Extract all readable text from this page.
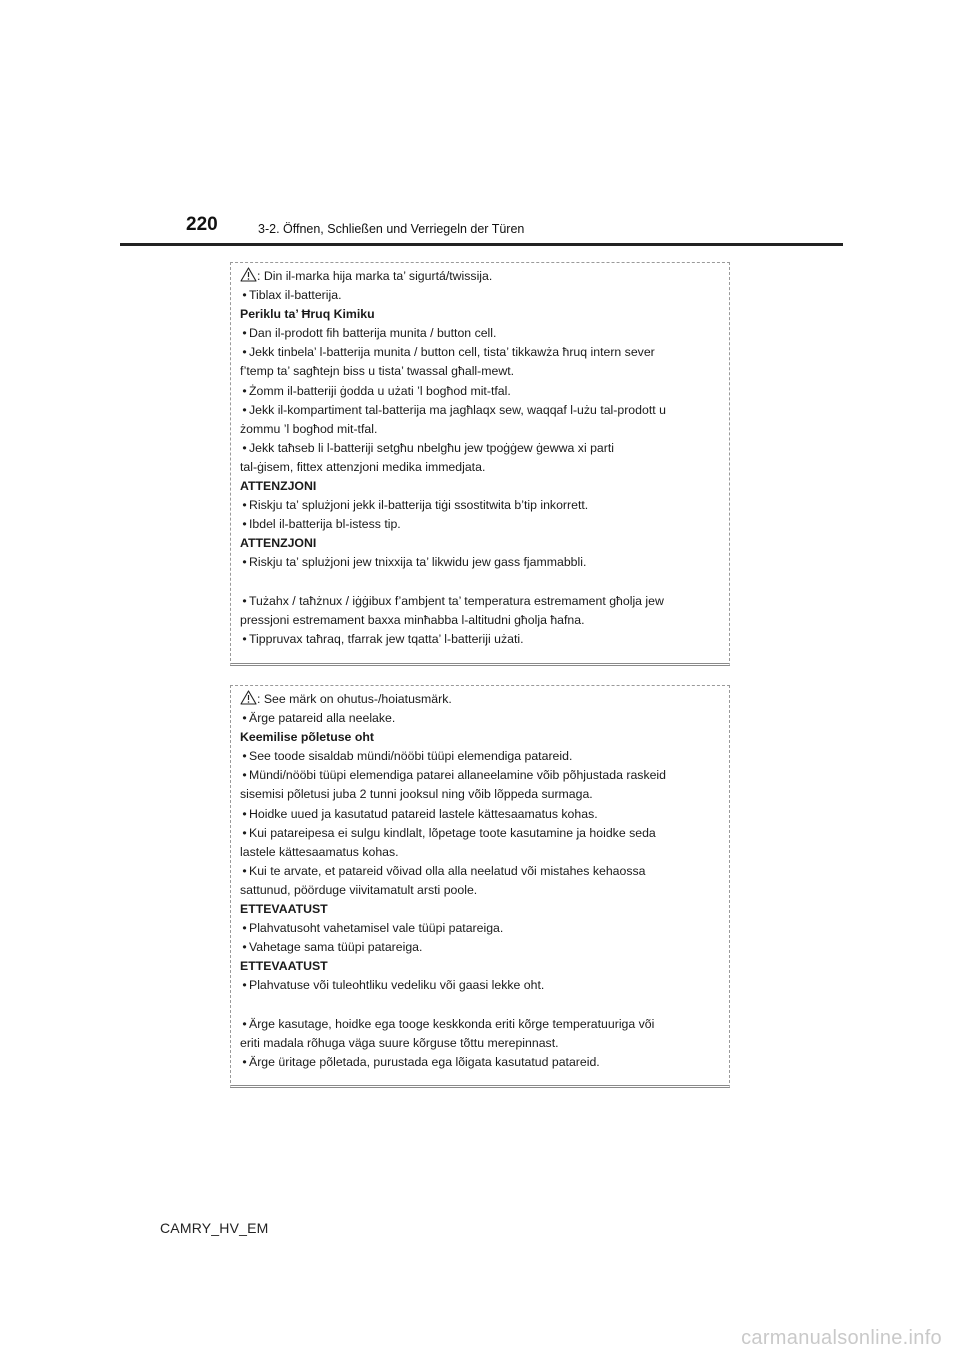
220	3-2. Öffnen, Schließen und Verriegeln der Türen
: Din il-marka hija marka ta’ sigurtá/twissija.
• Tiblax il-batterija.
Periklu ta’ Ħruq Kimiku
• Dan il-prodott fih batterija munita / button cell.
• Jekk tinbela’ l-batterija munita / button cell, tista’ tikkawża ħruq intern sever
f’temp ta’ sagħtejn biss u tista’ twassal għall-mewt.
• Żomm il-batteriji ġodda u użati ’l bogħod mit-tfal.
• Jekk il-kompartiment tal-batterija ma jagħlaqx sew, waqqaf l-użu tal-prodott u
żommu ’l bogħod mit-tfal.
• Jekk taħseb li l-batteriji setgħu nbelgħu jew tpoġġew ġewwa xi parti
tal-ġisem, fittex attenzjoni medika immedjata.
ATTENZJONI
• Riskju ta’ splużjoni jekk il-batterija tiġi ssostitwita b’tip inkorrett.
• Ibdel il-batterija bl-istess tip.
ATTENZJONI
• Riskju ta’ splużjoni jew tnixxija ta’ likwidu jew gass fjammabbli.
• Tużahx / taħżnux / iġġibux f’ambjent ta’ temperatura estremament għolja jew
pressjoni estremament baxxa minħabba l-altitudni għolja ħafna.
• Tippruvax taħraq, tfarrak jew tqatta’ l-batteriji użati.
: See märk on ohutus-/hoiatusmärk.
• Ärge patareid alla neelake.
Keemilise põletuse oht
• See toode sisaldab mündi/nööbi tüüpi elemendiga patareid.
• Mündi/nööbi tüüpi elemendiga patarei allaneelamine võib põhjustada raskeid
sisemisi põletusi juba 2 tunni jooksul ning võib lõppeda surmaga.
• Hoidke uued ja kasutatud patareid lastele kättesaamatus kohas.
• Kui patareipesa ei sulgu kindlalt, lõpetage toote kasutamine ja hoidke seda
lastele kättesaamatus kohas.
• Kui te arvate, et patareid võivad olla alla neelatud või mistahes kehaossa
sattunud, pöörduge viivitamatult arsti poole.
ETTEVAATUST
• Plahvatusoht vahetamisel vale tüüpi patareiga.
• Vahetage sama tüüpi patareiga.
ETTEVAATUST
• Plahvatuse või tuleohtliku vedeliku või gaasi lekke oht.
• Ärge kasutage, hoidke ega tooge keskkonda eriti kõrge temperatuuriga või
eriti madala rõhuga väga suure kõrguse tõttu merepinnast.
• Ärge üritage põletada, purustada ega lõigata kasutatud patareid.
CAMRY_HV_EM
carmanualsonline.info
